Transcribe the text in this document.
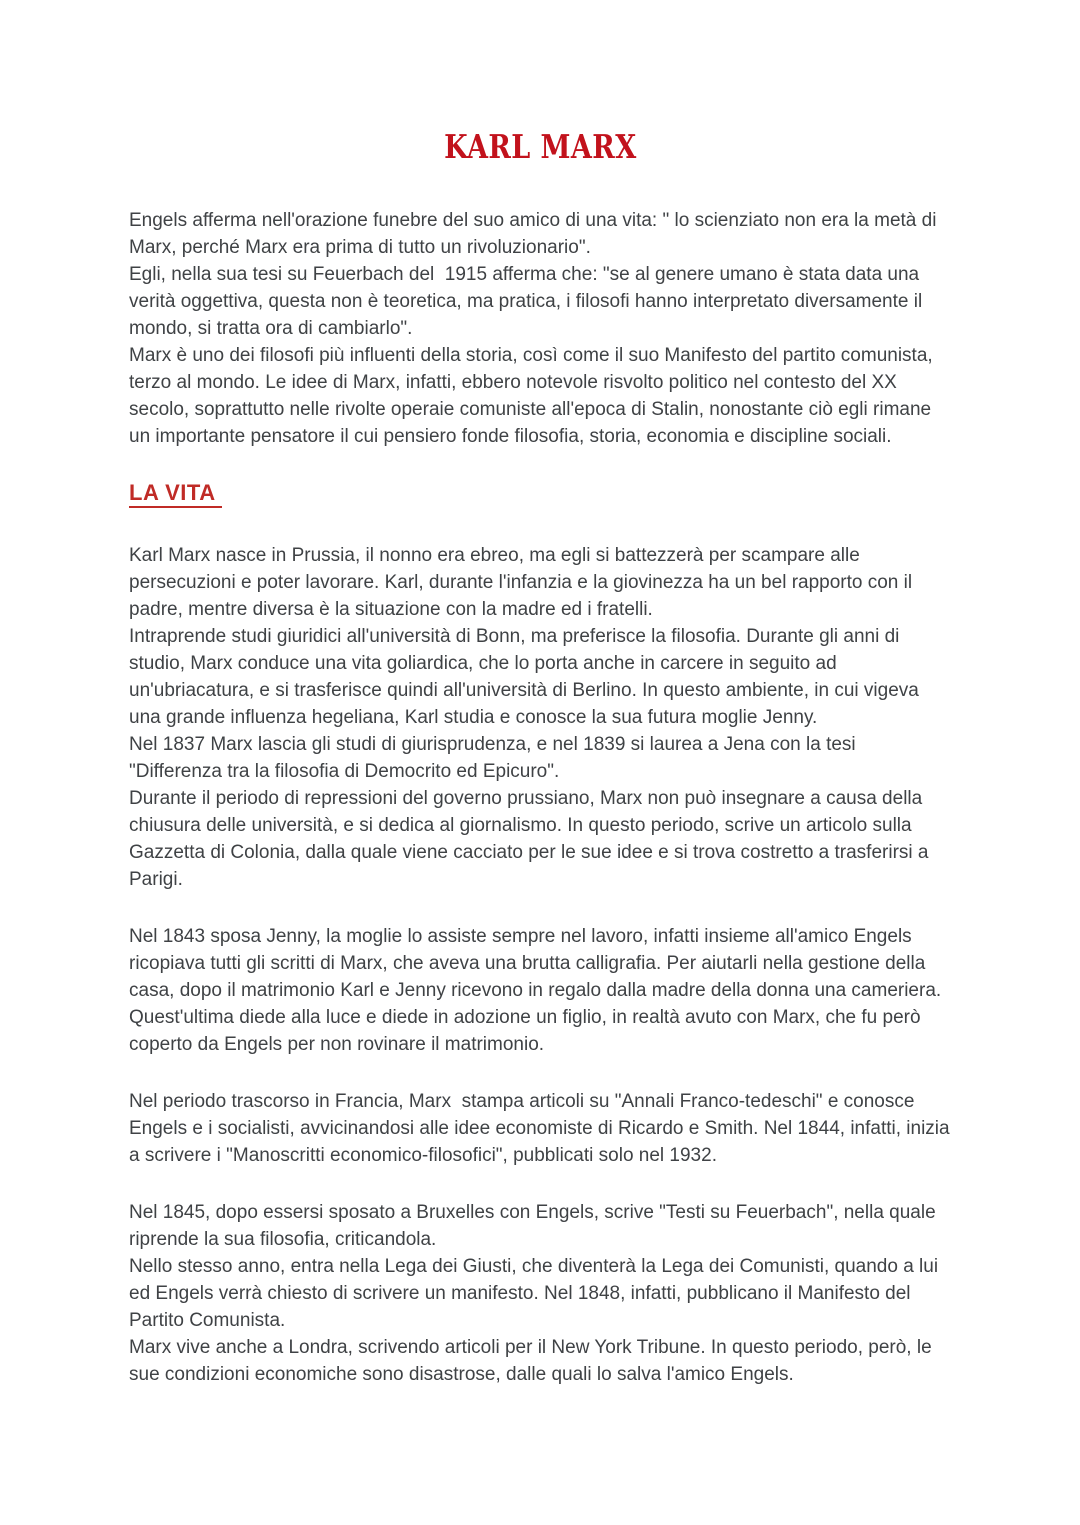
KARL MARX

Engels afferma nell'orazione funebre del suo amico di una vita: " lo scienziato non era la metà di Marx, perché Marx era prima di tutto un rivoluzionario".

Egli, nella sua tesi su Feuerbach del  1915 afferma che: "se al genere umano è stata data una verità oggettiva, questa non è teoretica, ma pratica, i filosofi hanno interpretato diversamente il mondo, si tratta ora di cambiarlo".

Marx è uno dei filosofi più influenti della storia, così come il suo Manifesto del partito comunista, terzo al mondo. Le idee di Marx, infatti, ebbero notevole risvolto politico nel contesto del XX secolo, soprattutto nelle rivolte operaie comuniste all'epoca di Stalin, nonostante ciò egli rimane un importante pensatore il cui pensiero fonde filosofia, storia, economia e discipline sociali.

LA VITA

Karl Marx nasce in Prussia, il nonno era ebreo, ma egli si battezzerà per scampare alle persecuzioni e poter lavorare. Karl, durante l'infanzia e la giovinezza ha un bel rapporto con il padre, mentre diversa è la situazione con la madre ed i fratelli.

Intraprende studi giuridici all'università di Bonn, ma preferisce la filosofia. Durante gli anni di studio, Marx conduce una vita goliardica, che lo porta anche in carcere in seguito ad un'ubriacatura, e si trasferisce quindi all'università di Berlino. In questo ambiente, in cui vigeva una grande influenza hegeliana, Karl studia e conosce la sua futura moglie Jenny.

Nel 1837 Marx lascia gli studi di giurisprudenza, e nel 1839 si laurea a Jena con la tesi "Differenza tra la filosofia di Democrito ed Epicuro".

Durante il periodo di repressioni del governo prussiano, Marx non può insegnare a causa della chiusura delle università, e si dedica al giornalismo. In questo periodo, scrive un articolo sulla Gazzetta di Colonia, dalla quale viene cacciato per le sue idee e si trova costretto a trasferirsi a Parigi.

Nel 1843 sposa Jenny, la moglie lo assiste sempre nel lavoro, infatti insieme all'amico Engels ricopiava tutti gli scritti di Marx, che aveva una brutta calligrafia. Per aiutarli nella gestione della casa, dopo il matrimonio Karl e Jenny ricevono in regalo dalla madre della donna una cameriera. Quest'ultima diede alla luce e diede in adozione un figlio, in realtà avuto con Marx, che fu però coperto da Engels per non rovinare il matrimonio.

Nel periodo trascorso in Francia, Marx  stampa articoli su "Annali Franco-tedeschi" e conosce Engels e i socialisti, avvicinandosi alle idee economiste di Ricardo e Smith. Nel 1844, infatti, inizia a scrivere i "Manoscritti economico-filosofici", pubblicati solo nel 1932.

Nel 1845, dopo essersi sposato a Bruxelles con Engels, scrive "Testi su Feuerbach", nella quale riprende la sua filosofia, criticandola.

Nello stesso anno, entra nella Lega dei Giusti, che diventerà la Lega dei Comunisti, quando a lui ed Engels verrà chiesto di scrivere un manifesto. Nel 1848, infatti, pubblicano il Manifesto del Partito Comunista.

Marx vive anche a Londra, scrivendo articoli per il New York Tribune. In questo periodo, però, le sue condizioni economiche sono disastrose, dalle quali lo salva l'amico Engels.
